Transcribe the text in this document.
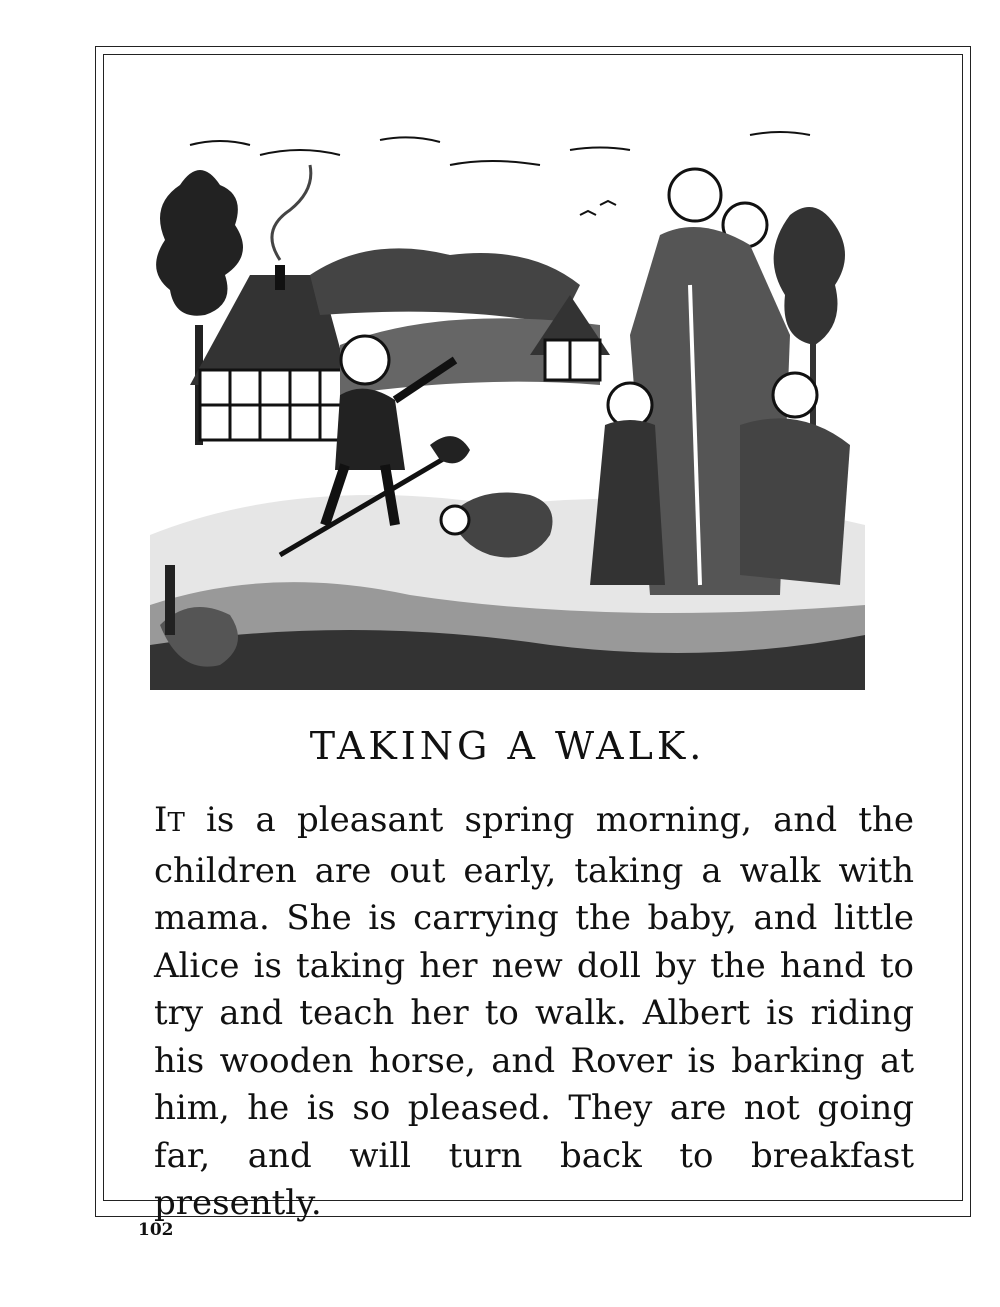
TAKING A WALK.

IT is a pleasant spring morning, and the children are out early, taking a walk with mama. She is carrying the baby, and little Alice is taking her new doll by the hand to try and teach her to walk. Albert is riding his wooden horse, and Rover is barking at him, he is so pleased. They are not going far, and will turn back to breakfast presently.

102
